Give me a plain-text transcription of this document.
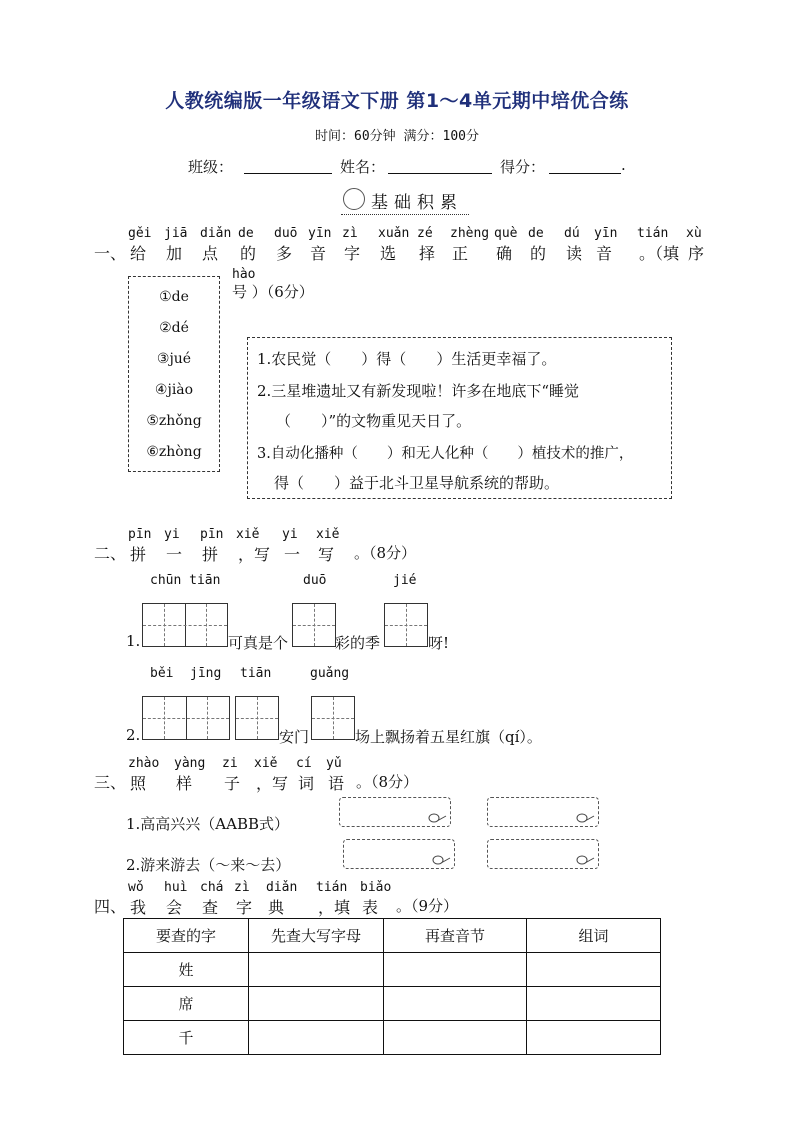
人教统编版一年级语文下册 第1～4单元期中培优合练
时间：60分钟 满分：100分
班级：	姓名：	得分：	.
基础积累
一、
gěi
给
jiā
加
diǎn
点
de
的
duō
多
yīn
音
zì
字
xuǎn
选
zé
择
zhèng
正
què
确
de
的
dú
读
yīn
音
tián
。（填
xù
序
hào
号 ）（6分）
①de
②dé
③jué
④jiào
⑤zhǒng
⑥zhòng
1.农民觉（　　）得（　　）生活更幸福了。
2.三星堆遗址又有新发现啦！许多在地底下“睡觉
（　　）”的文物重见天日了。
3.自动化播种（　　）和无人化种（　　）植技术的推广，
得（　　）益于北斗卫星导航系统的帮助。
二、
pīn
拼
yi
一
pīn
拼
xiě
，写
yi
一
xiě
写 。（8分）
chūn tiān	duō	jié
1.	可真是个	彩的季	呀!
běi jīng tiān	guǎng
2.	安门	场上飘扬着五星红旗（qí）。
三、
zhào
照
yàng
样
zi
子
xiě
，写
cí
词
yǔ
语 。（8分）
1.高高兴兴（AABB式）
2.游来游去（～来～去）
四、
wǒ
我
huì
会
chá
查
zì
字
diǎn
典
tián
，填
biǎo
表 。（9分）
要查的字	先查大写字母	再查音节	组词
姓			
席			
千			
